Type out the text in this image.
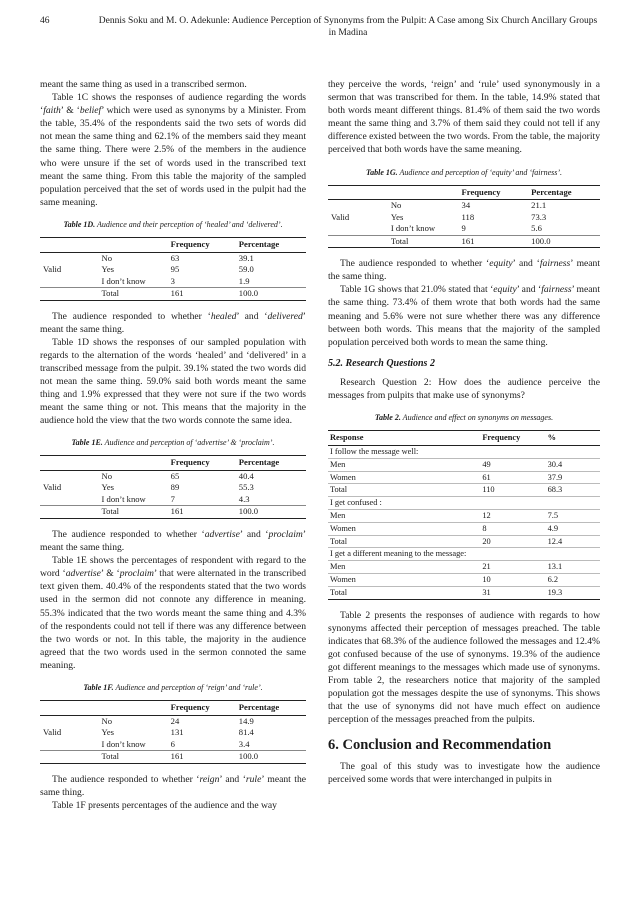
46	Dennis Soku and M. O. Adekunle: Audience Perception of Synonyms from the Pulpit: A Case among Six Church Ancillary Groups in Madina

meant the same thing as used in a transcribed sermon.

Table 1C shows the responses of audience regarding the words ‘faith’ & ‘belief’ which were used as synonyms by a Minister. From the table, 35.4% of the respondents said the two sets of words did not mean the same thing and 62.1% of the members said they meant the same thing. There were 2.5% of the members in the audience who were unsure if the set of words used in the transcribed text meant the same thing. From this table the majority of the sampled population perceived that the set of words used in the pulpit had the same meaning.

Table 1D. Audience and their perception of ‘healed’ and ‘delivered’.
		Frequency	Percentage
Valid	No	63	39.1
	Yes	95	59.0
	I don’t know	3	1.9
	Total	161	100.0

The audience responded to whether ‘healed’ and ‘delivered’ meant the same thing.

Table 1D shows the responses of our sampled population with regards to the alternation of the words ‘healed’ and ‘delivered’ in a transcribed message from the pulpit. 39.1% stated the two words did not mean the same thing. 59.0% said both words meant the same thing and 1.9% expressed that they were not sure if the two words meant the same thing or not. This means that the majority in the audience hold the view that the two words connote the same idea.

Table 1E. Audience and perception of ‘advertise’ & ‘proclaim’.
		Frequency	Percentage
Valid	No	65	40.4
	Yes	89	55.3
	I don’t know	7	4.3
	Total	161	100.0

The audience responded to whether ‘advertise’ and ‘proclaim’ meant the same thing.

Table 1E shows the percentages of respondent with regard to the word ‘advertise’ & ‘proclaim’ that were alternated in the transcribed text given them. 40.4% of the respondents stated that the two words used in the sermon did not connote any difference in meaning. 55.3% indicated that the two words meant the same thing and 4.3% of the respondents could not tell if there was any difference between the two words or not. In this table, the majority in the audience agreed that the two words used in the sermon connoted the same meaning.

Table 1F. Audience and perception of ‘reign’ and ‘rule’.
		Frequency	Percentage
Valid	No	24	14.9
	Yes	131	81.4
	I don’t know	6	3.4
	Total	161	100.0

The audience responded to whether ‘reign’ and ‘rule’ meant the same thing.

Table 1F presents percentages of the audience and the way

they perceive the words, ‘reign’ and ‘rule’ used synonymously in a sermon that was transcribed for them. In the table, 14.9% stated that both words meant different things. 81.4% of them said the two words meant the same thing and 3.7% of them said they could not tell if any difference existed between the two words. From the table, the majority perceived that both words have the same meaning.

Table 1G. Audience and perception of ‘equity’ and ‘fairness’.
		Frequency	Percentage
Valid	No	34	21.1
	Yes	118	73.3
	I don’t know	9	5.6
	Total	161	100.0

The audience responded to whether ‘equity’ and ‘fairness’ meant the same thing.

Table 1G shows that 21.0% stated that ‘equity’ and ‘fairness’ meant the same thing. 73.4% of them wrote that both words had the same meaning and 5.6% were not sure whether there was any difference between both words. This means that the majority of the sampled population perceived both words to mean the same thing.

5.2. Research Questions 2

Research Question 2: How does the audience perceive the messages from pulpits that make use of synonyms?

Table 2. Audience and effect on synonyms on messages.
Response	Frequency	%
I follow the message well:		
Men	49	30.4
Women	61	37.9
Total	110	68.3
I get confused :		
Men	12	7.5
Women	8	4.9
Total	20	12.4
I get a different meaning to the message:		
Men	21	13.1
Women	10	6.2
Total	31	19.3

Table 2 presents the responses of audience with regards to how synonyms affected their perception of messages preached. The table indicates that 68.3% of the audience followed the messages and 12.4% got confused because of the use of synonyms. 19.3% of the audience got different meanings to the messages which made use of synonyms. From table 2, the researchers notice that majority of the sampled population got the messages despite the use of synonyms. This shows that the use of synonyms did not have much effect on audience perception of the messages preached from the pulpits.

6. Conclusion and Recommendation

The goal of this study was to investigate how the audience perceived some words that were interchanged in pulpits in
